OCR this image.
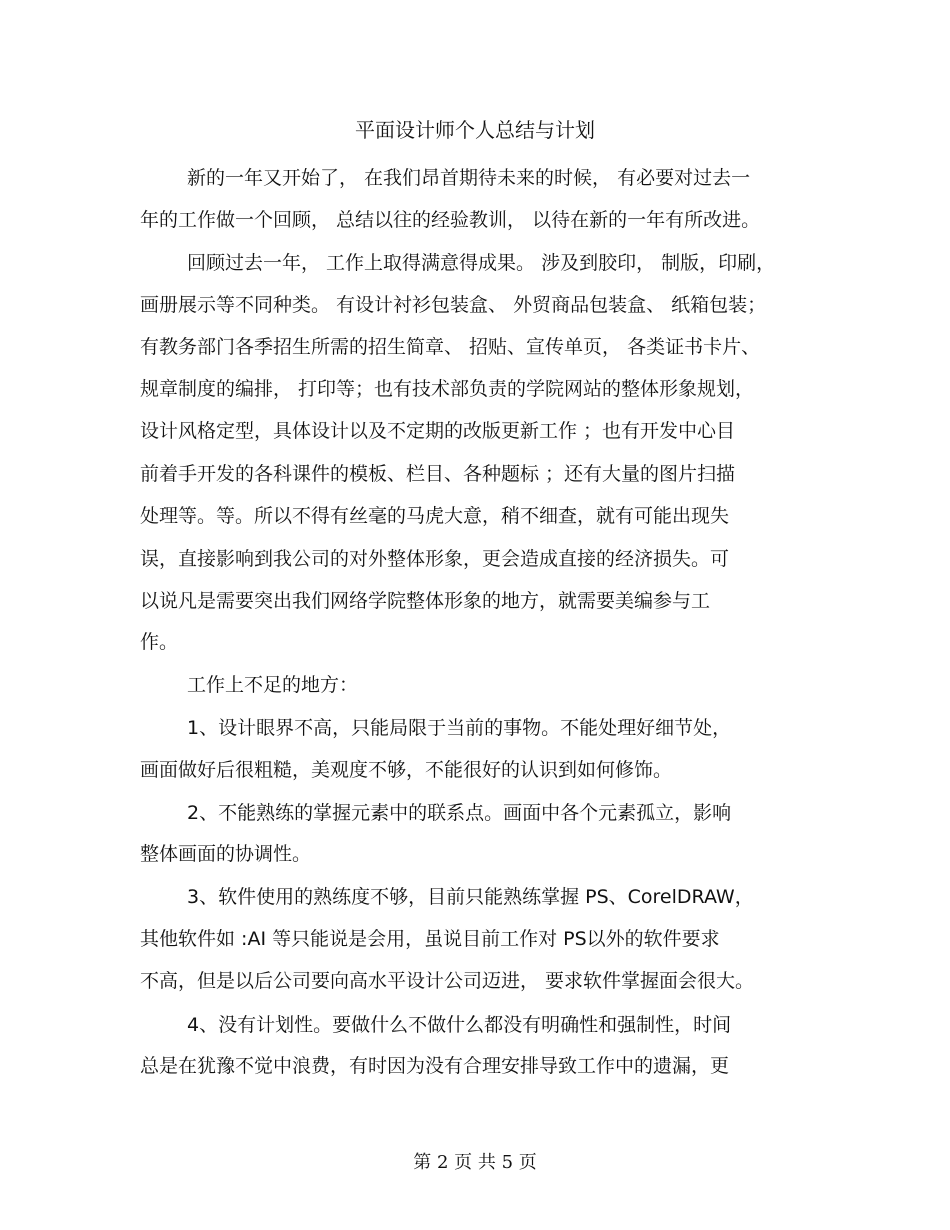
平面设计师个人总结与计划
新的一年又开始了， 在我们昂首期待未来的时候， 有必要对过去一
年的工作做一个回顾， 总结以往的经验教训， 以待在新的一年有所改进。
回顾过去一年， 工作上取得满意得成果。 涉及到胶印， 制版，印刷，
画册展示等不同种类。 有设计衬衫包装盒、 外贸商品包装盒、 纸箱包装；
有教务部门各季招生所需的招生简章、 招贴、宣传单页， 各类证书卡片、
规章制度的编排， 打印等；也有技术部负责的学院网站的整体形象规划，
设计风格定型，具体设计以及不定期的改版更新工作 ；也有开发中心目
前着手开发的各科课件的模板、栏目、各种题标 ；还有大量的图片扫描
处理等。等。所以不得有丝毫的马虎大意，稍不细查，就有可能出现失
误，直接影响到我公司的对外整体形象，更会造成直接的经济损失。可
以说凡是需要突出我们网络学院整体形象的地方，就需要美编参与工
作。
工作上不足的地方：
1、设计眼界不高，只能局限于当前的事物。不能处理好细节处，
画面做好后很粗糙，美观度不够，不能很好的认识到如何修饰。
2、不能熟练的掌握元素中的联系点。画面中各个元素孤立，影响
整体画面的协调性。
3、软件使用的熟练度不够，目前只能熟练掌握 PS、CorelDRAW，
其他软件如 :AI 等只能说是会用，虽说目前工作对 PS以外的软件要求
不高，但是以后公司要向高水平设计公司迈进， 要求软件掌握面会很大。
4、没有计划性。要做什么不做什么都没有明确性和强制性，时间
总是在犹豫不觉中浪费，有时因为没有合理安排导致工作中的遗漏，更
第 2 页 共 5 页
